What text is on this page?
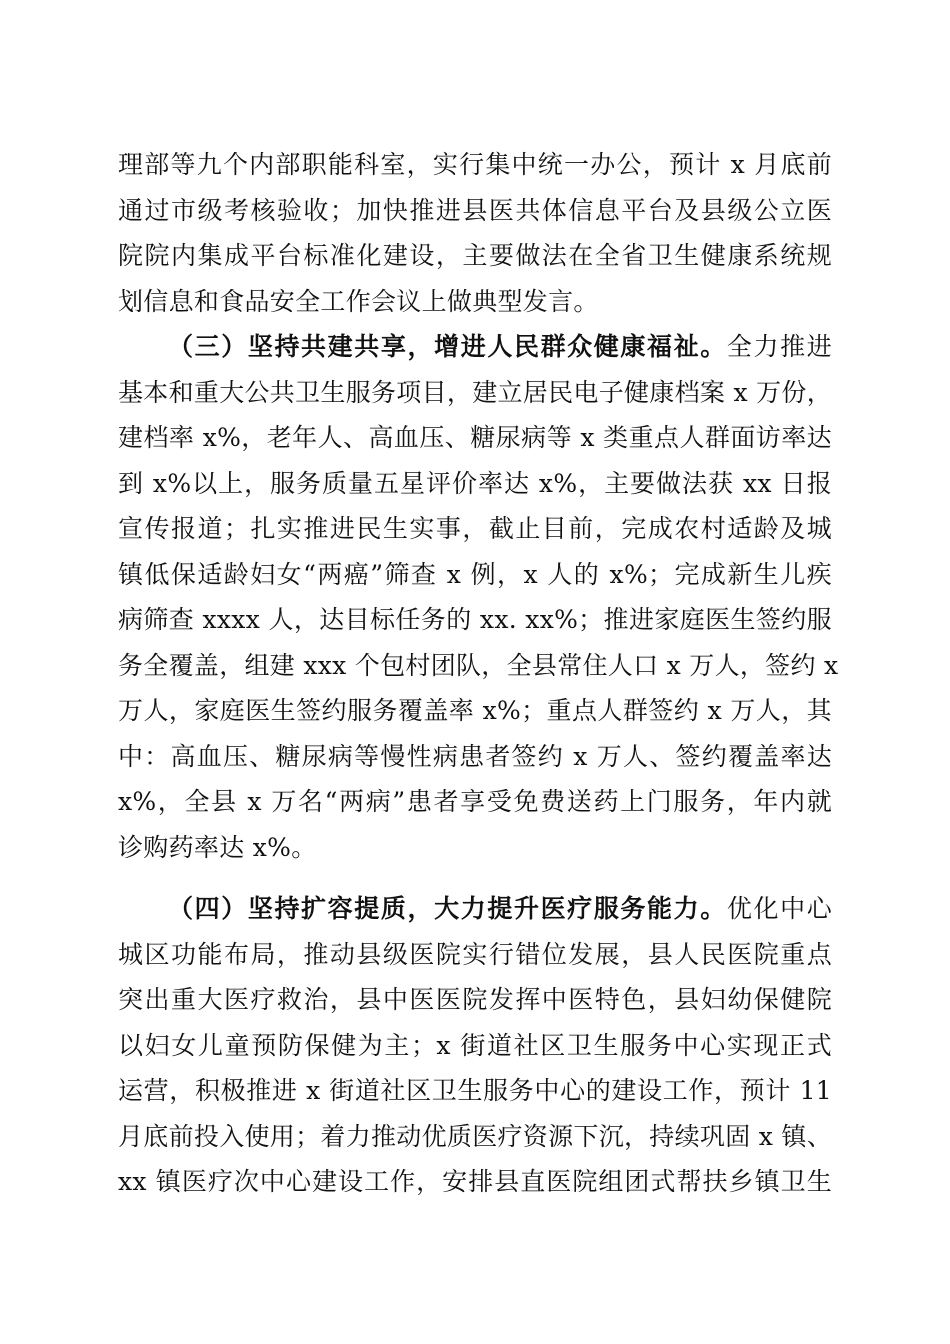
理部等九个内部职能科室，实行集中统一办公，预计 x 月底前
通过市级考核验收；加快推进县医共体信息平台及县级公立医
院院内集成平台标准化建设，主要做法在全省卫生健康系统规
划信息和食品安全工作会议上做典型发言。
（三）坚持共建共享，增进人民群众健康福祉。全力推进
基本和重大公共卫生服务项目，建立居民电子健康档案 x 万份，
建档率 x%，老年人、高血压、糖尿病等 x 类重点人群面访率达
到 x%以上，服务质量五星评价率达 x%，主要做法获 xx 日报
宣传报道；扎实推进民生实事，截止目前，完成农村适龄及城
镇低保适龄妇女“两癌”筛查 x 例，x 人的 x%；完成新生儿疾
病筛查 xxxx 人，达目标任务的 xx. xx%；推进家庭医生签约服
务全覆盖，组建 xxx 个包村团队，全县常住人口 x 万人，签约 x
万人，家庭医生签约服务覆盖率 x%；重点人群签约 x 万人，其
中：高血压、糖尿病等慢性病患者签约 x 万人、签约覆盖率达
x%，全县 x 万名“两病”患者享受免费送药上门服务，年内就
诊购药率达 x%。
（四）坚持扩容提质，大力提升医疗服务能力。优化中心
城区功能布局，推动县级医院实行错位发展，县人民医院重点
突出重大医疗救治，县中医医院发挥中医特色，县妇幼保健院
以妇女儿童预防保健为主；x 街道社区卫生服务中心实现正式
运营，积极推进 x 街道社区卫生服务中心的建设工作，预计 11
月底前投入使用；着力推动优质医疗资源下沉，持续巩固 x 镇、
xx 镇医疗次中心建设工作，安排县直医院组团式帮扶乡镇卫生
